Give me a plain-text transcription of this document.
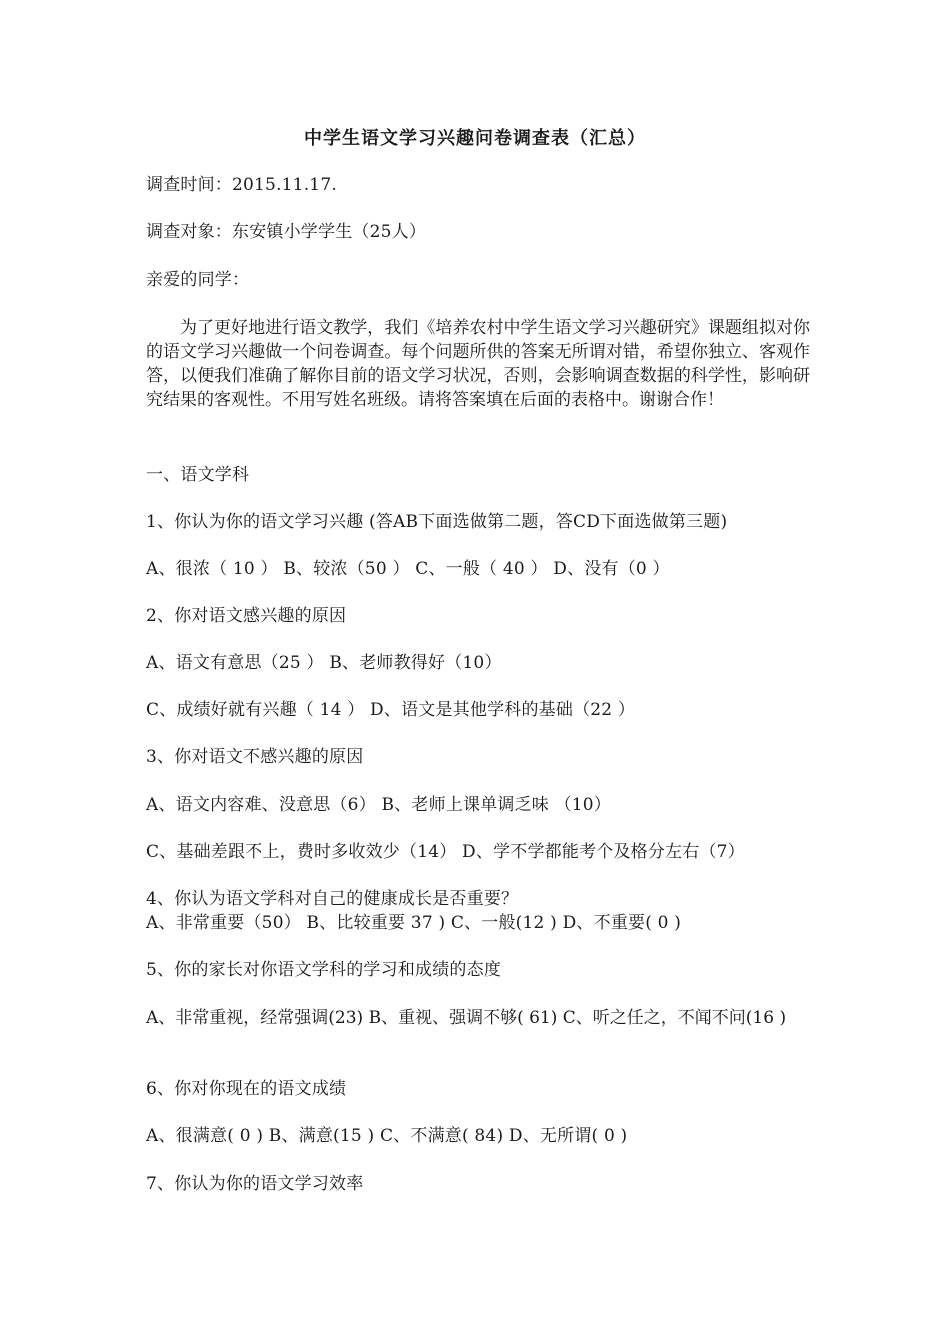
中学生语文学习兴趣问卷调查表（汇总）
调查时间：2015.11.17.
调查对象：东安镇小学学生（25人）
亲爱的同学：
为了更好地进行语文教学，我们《培养农村中学生语文学习兴趣研究》课题组拟对你的语文学习兴趣做一个问卷调查。每个问题所供的答案无所谓对错，希望你独立、客观作答，以便我们准确了解你目前的语文学习状况，否则，会影响调查数据的科学性，影响研究结果的客观性。不用写姓名班级。请将答案填在后面的表格中。谢谢合作！
一、语文学科
1、你认为你的语文学习兴趣 (答AB下面选做第二题，答CD下面选做第三题)
A、很浓（ 10 ） B、较浓（50 ） C、一般（ 40 ） D、没有（0 ）
2、你对语文感兴趣的原因
A、语文有意思（25 ） B、老师教得好（10）
C、成绩好就有兴趣（ 14 ） D、语文是其他学科的基础（22 ）
3、你对语文不感兴趣的原因
A、语文内容难、没意思（6） B、老师上课单调乏味 （10）
C、基础差跟不上，费时多收效少（14） D、学不学都能考个及格分左右（7）
4、你认为语文学科对自己的健康成长是否重要？
A、非常重要（50） B、比较重要 37 ) C、一般(12 ) D、不重要( 0 )
5、你的家长对你语文学科的学习和成绩的态度
A、非常重视，经常强调(23) B、重视、强调不够( 61) C、听之任之，不闻不问(16 )
6、你对你现在的语文成绩
A、很满意( 0 ) B、满意(15 ) C、不满意( 84) D、无所谓( 0 )
7、你认为你的语文学习效率
